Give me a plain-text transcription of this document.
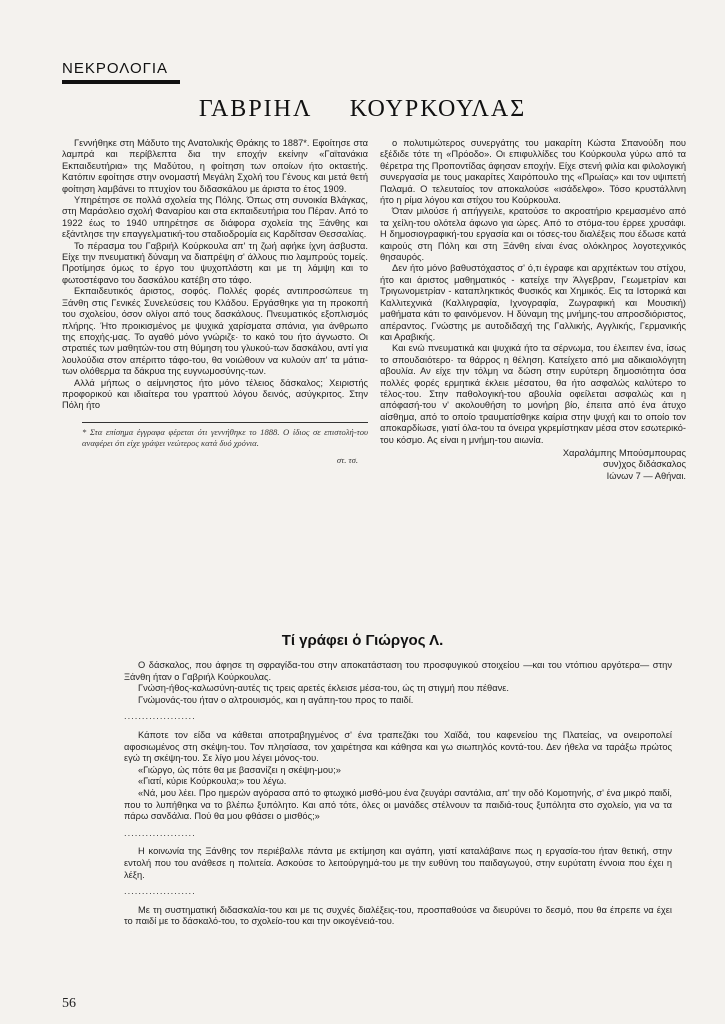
ΝΕΚΡΟΛΟΓΙΑ
ΓΑΒΡΙΗΛ ΚΟΥΡΚΟΥΛΑΣ

Γεννήθηκε στη Μάδυτο της Ανατολικής Θράκης το 1887*. Εφοίτησε στα λαμπρά και περίβλεπτα δια την εποχήν εκείνην «Γαϊτανάκια Εκπαιδευτήρια» της Μαδύτου, η φοίτηση των οποίων ήτο οκταετής. Κατόπιν εφοίτησε στην ονομαστή Μεγάλη Σχολή του Γένους και μετά θετή φοίτηση λαμβάνει το πτυχίον του διδασκάλου με άριστα το έτος 1909.

Υπηρέτησε σε πολλά σχολεία της Πόλης. Όπως στη συνοικία Βλάγκας, στη Μαράσλειο σχολή Φαναρίου και στα εκπαιδευτήρια του Πέραν. Από το 1922 έως το 1940 υπηρέτησε σε διάφορα σχολεία της Ξάνθης και εξάντλησε την επαγγελματική-του σταδιοδρομία εις Καρδίτσαν Θεσσαλίας.

Το πέρασμα του Γαβριήλ Κούρκουλα απ' τη ζωή αφήκε ίχνη άσβυστα. Είχε την πνευματική δύναμη να διαπρέψη σ' άλλους πιο λαμπρούς τομείς. Προτίμησε όμως το έργο του ψυχοπλάστη και με τη λάμψη και το φωτοστέφανο του δασκάλου κατέβη στο τάφο.

Εκπαιδευτικός άριστος, σοφός. Πολλές φορές αντιπροσώπευε τη Ξάνθη στις Γενικές Συνελεύσεις του Κλάδου. Εργάσθηκε για τη προκοπή του σχολείου, όσον ολίγοι από τους δασκάλους. Πνευματικός εξοπλισμός πλήρης. Ήτο προικισμένος με ψυχικά χαρίσματα σπάνια, για άνθρωπο της εποχής-μας. Το αγαθό μόνο γνώριζε· το κακό του ήτο άγνωστο. Οι στρατιές των μαθητών-του στη θύμηση του γλυκού-των δασκάλου, αντί για λουλούδια στον απέριττο τάφο-του, θα νοιώθουν να κυλούν απ' τα μάτια-των ολόθερμα τα δάκρυα της ευγνωμοσύνης-των.

Αλλά μήπως ο αείμνηστος ήτο μόνο τέλειος δάσκαλος; Χειριστής προφορικού και ιδιαίτερα του γραπτού λόγου δεινός, ασύγκριτος. Στην Πόλη ήτο

* Στα επίσημα έγγραφα φέρεται ότι γεννήθηκε το 1888. Ο ίδιος σε επιστολή-του αναφέρει ότι είχε γράψει νεώτερος κατά δυό χρόνια.
στ. τσ.

ο πολυτιμώτερος συνεργάτης του μακαρίτη Κώστα Σπανούδη που εξέδιδε τότε τη «Πρόοδο». Οι επιφυλλίδες του Κούρκουλα γύρω από τα θέρετρα της Προποντίδας άφησαν εποχήν. Είχε στενή φιλία και φιλολογική συνεργασία με τους μακαρίτες Χαιρόπουλο της «Πρωίας» και τον υψιπετή Παλαμά. Ο τελευταίος τον αποκαλούσε «ισάδελφο». Τόσο κρυστάλλινη ήτο η ρίμα λόγου και στίχου του Κούρκουλα.

Όταν μιλούσε ή απήγγειλε, κρατούσε το ακροατήριο κρεμασμένο από τα χείλη-του ολότελα άφωνο για ώρες. Από το στόμα-του έρρεε χρυσάφι. Η δημοσιογραφική-του εργασία και οι τόσες-του διαλέξεις που έδωσε κατά καιρούς στη Πόλη και στη Ξάνθη είναι ένας ολόκληρος λογοτεχνικός θησαυρός.

Δεν ήτο μόνο βαθυστόχαστος σ' ό,τι έγραφε και αρχιτέκτων του στίχου, ήτο και άριστος μαθηματικός - κατείχε την Άλγεβραν, Γεωμετρίαν και Τριγωνομετρίαν - καταπληκτικός Φυσικός και Χημικός. Εις τα Ιστορικά και Καλλιτεχνικά (Καλλιγραφία, Ιχνογραφία, Ζωγραφική και Μουσική) μαθήματα κάτι το φαινόμενον. Η δύναμη της μνήμης-του απροσδιόριστος, απέραντος. Γνώστης με αυτοδιδαχή της Γαλλικής, Αγγλικής, Γερμανικής και Αραβικής.

Και ενώ πνευματικά και ψυχικά ήτο τα σέρνωμα, του έλειπεν ένα, ίσως το σπουδαιότερο· τα θάρρος η θέληση. Κατείχετο από μια αδικαιολόγητη αβουλία. Αν είχε την τόλμη να δώση στην ευρύτερη δημοσιότητα όσα πολλές φορές ερμητικά έκλειε μέσατου, θα ήτο ασφαλώς καλύτερο το τέλος-του. Στην παθολογική-του αβουλία οφείλεται ασφαλώς και η απόφασή-του ν' ακολουθήση το μονήρη βίο, έπειτα από ένα άτυχο αίσθημα, από το οποίο τραυματίσθηκε καίρια στην ψυχή και το οποίο τον αποκαρδίωσε, γιατί όλα-του τα όνειρα γκρεμίστηκαν μέσα στον εσωτερικό-του κόσμο. Ας είναι η μνήμη-του αιωνία.

Χαραλάμπης Μπούσμπουρας
συν)χος διδάσκαλος
Ιώνων 7 — Αθήναι.
Τί γράφει ὁ Γιώργος Λ.

Ο δάσκαλος, που άφησε τη σφραγίδα-του στην αποκατάσταση του προσφυγικού στοιχείου —και του ντόπιου αργότερα— στην Ξάνθη ήταν ο Γαβριήλ Κούρκουλας.

Γνώση-ήθος-καλωσύνη-αυτές τις τρεις αρετές έκλεισε μέσα-του, ώς τη στιγμή που πέθανε.

Γνώμονάς-του ήταν ο αλτρουισμός, και η αγάπη-του προς το παιδί.

....................

Κάποτε τον είδα να κάθεται αποτραβηγμένος σ' ένα τραπεζάκι του Χαϊδά, του καφενείου της Πλατείας, να ονειροπολεί αφοσιωμένος στη σκέψη-του. Τον πλησίασα, τον χαιρέτησα και κάθησα και γω σιωπηλός κοντά-του. Δεν ήθελα να ταράξω πρώτος εγώ τη σκέψη-του. Σε λίγο μου λέγει μόνος-του.

«Γιώργο, ώς πότε θα με βασανίζει η σκέψη-μου;»

«Γιατί, κύριε Κούρκουλα;» του λέγω.

«Νά, μου λέει. Προ ημερών αγόρασα από το φτωχικό μισθό-μου ένα ζευγάρι σαντάλια, απ' την οδό Κομοτηνής, σ' ένα μικρό παιδί, που το λυπήθηκα να το βλέπω ξυπόλητο. Και από τότε, όλες οι μανάδες στέλνουν τα παιδιά-τους ξυπόλητα στο σχολείο, για να τα πάρω σανδάλια. Πού θα μου φθάσει ο μισθός;»

....................

Η κοινωνία της Ξάνθης τον περιέβαλλε πάντα με εκτίμηση και αγάπη, γιατί καταλάβαινε πως η εργασία-του ήταν θετική, στην εντολή που του ανάθεσε η πολιτεία. Ασκούσε το λειτούργημά-του με την ευθύνη του παιδαγωγού, στην ευρύτατη έννοια που έχει η λέξη.

....................

Με τη συστηματική διδασκαλία-του και με τις συχνές διαλέξεις-του, προσπαθούσε να διευρύνει το δεσμό, που θα έπρεπε να έχει το παιδί με το δάσκαλό-του, το σχολείο-του και την οικογένειά-του.

56
